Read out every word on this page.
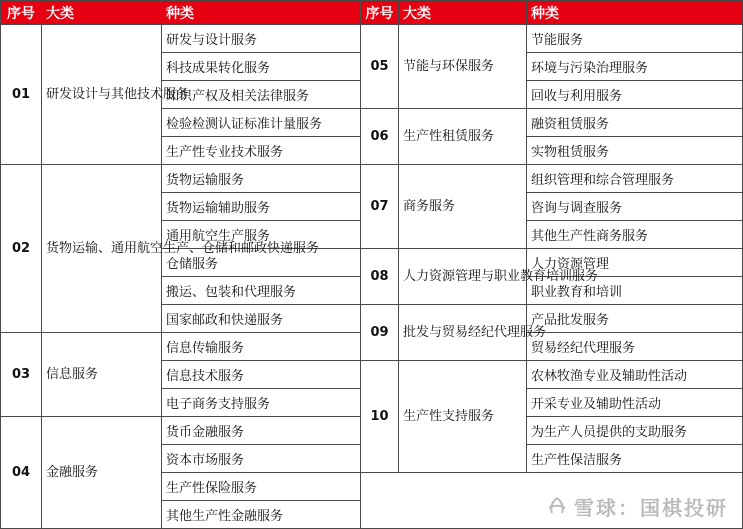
序号	大类	种类
01	研发设计与其他技术服务	研发与设计服务
		科技成果转化服务
		知识产权及相关法律服务
		检验检测认证标准计量服务
		生产性专业技术服务
02	货物运输、通用航空生产、仓储和邮政快递服务	货物运输服务
		货物运输辅助服务
		通用航空生产服务
		仓储服务
		搬运、包装和代理服务
		国家邮政和快递服务
03	信息服务	信息传输服务
		信息技术服务
		电子商务支持服务
04	金融服务	货币金融服务
		资本市场服务
		生产性保险服务
		其他生产性金融服务
序号	大类	种类
05	节能与环保服务	节能服务
		环境与污染治理服务
		回收与利用服务
06	生产性租赁服务	融资租赁服务
		实物租赁服务
07	商务服务	组织管理和综合管理服务
		咨询与调查服务
		其他生产性商务服务
08	人力资源管理与职业教育培训服务	人力资源管理
		职业教育和培训
09	批发与贸易经纪代理服务	产品批发服务
		贸易经纪代理服务
10	生产性支持服务	农林牧渔专业及辅助性活动
		开采专业及辅助性活动
		为生产人员提供的支助服务
		生产性保洁服务

雪球：国棋投研
